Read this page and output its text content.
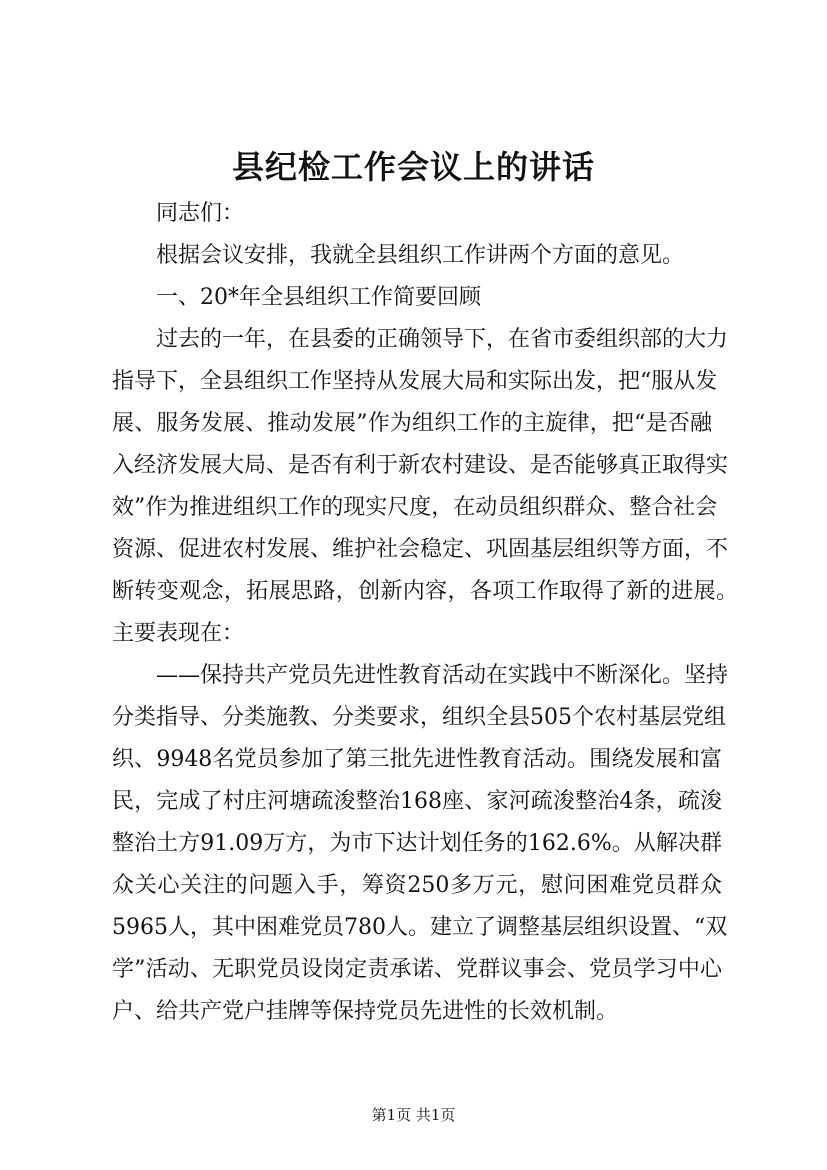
县纪检工作会议上的讲话
同志们：
根据会议安排，我就全县组织工作讲两个方面的意见。
一、20*年全县组织工作简要回顾
过去的一年，在县委的正确领导下，在省市委组织部的大力
指导下，全县组织工作坚持从发展大局和实际出发，把“服从发
展、服务发展、推动发展”作为组织工作的主旋律，把“是否融
入经济发展大局、是否有利于新农村建设、是否能够真正取得实
效”作为推进组织工作的现实尺度，在动员组织群众、整合社会
资源、促进农村发展、维护社会稳定、巩固基层组织等方面，不
断转变观念，拓展思路，创新内容，各项工作取得了新的进展。
主要表现在：
——保持共产党员先进性教育活动在实践中不断深化。坚持
分类指导、分类施教、分类要求，组织全县505个农村基层党组
织、9948名党员参加了第三批先进性教育活动。围绕发展和富
民，完成了村庄河塘疏浚整治168座、家河疏浚整治4条，疏浚
整治土方91.09万方，为市下达计划任务的162.6%。从解决群
众关心关注的问题入手，筹资250多万元，慰问困难党员群众
5965人，其中困难党员780人。建立了调整基层组织设置、“双
学”活动、无职党员设岗定责承诺、党群议事会、党员学习中心
户、给共产党户挂牌等保持党员先进性的长效机制。
第1页 共1页
